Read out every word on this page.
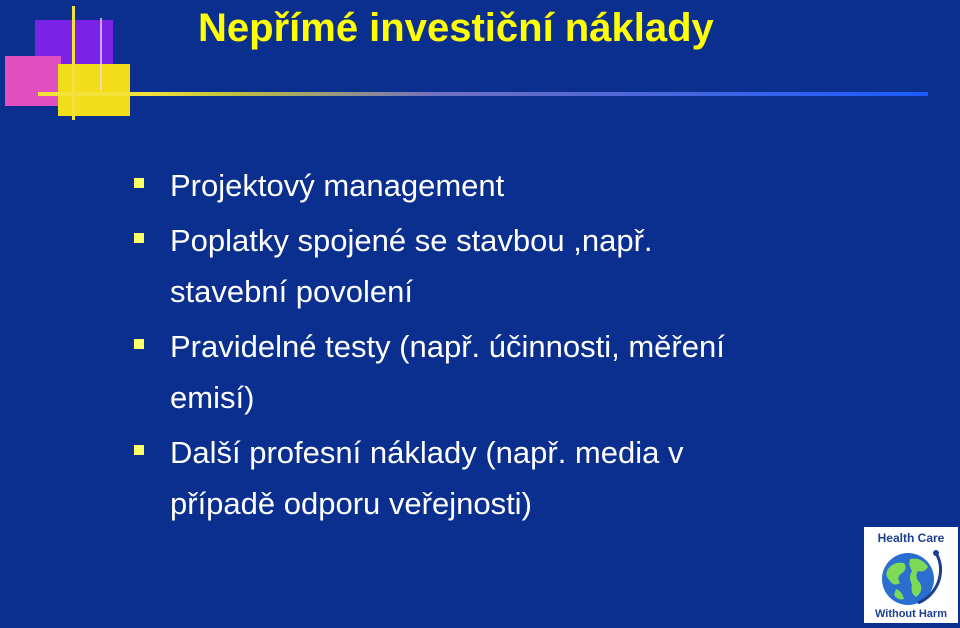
Nepřímé investiční náklady
Projektový management
Poplatky spojené se stavbou ,např.
stavební povolení
Pravidelné testy (např. účinnosti, měření
emisí)
Další profesní náklady (např. media v
případě odporu veřejnosti)
Health Care
Without Harm
